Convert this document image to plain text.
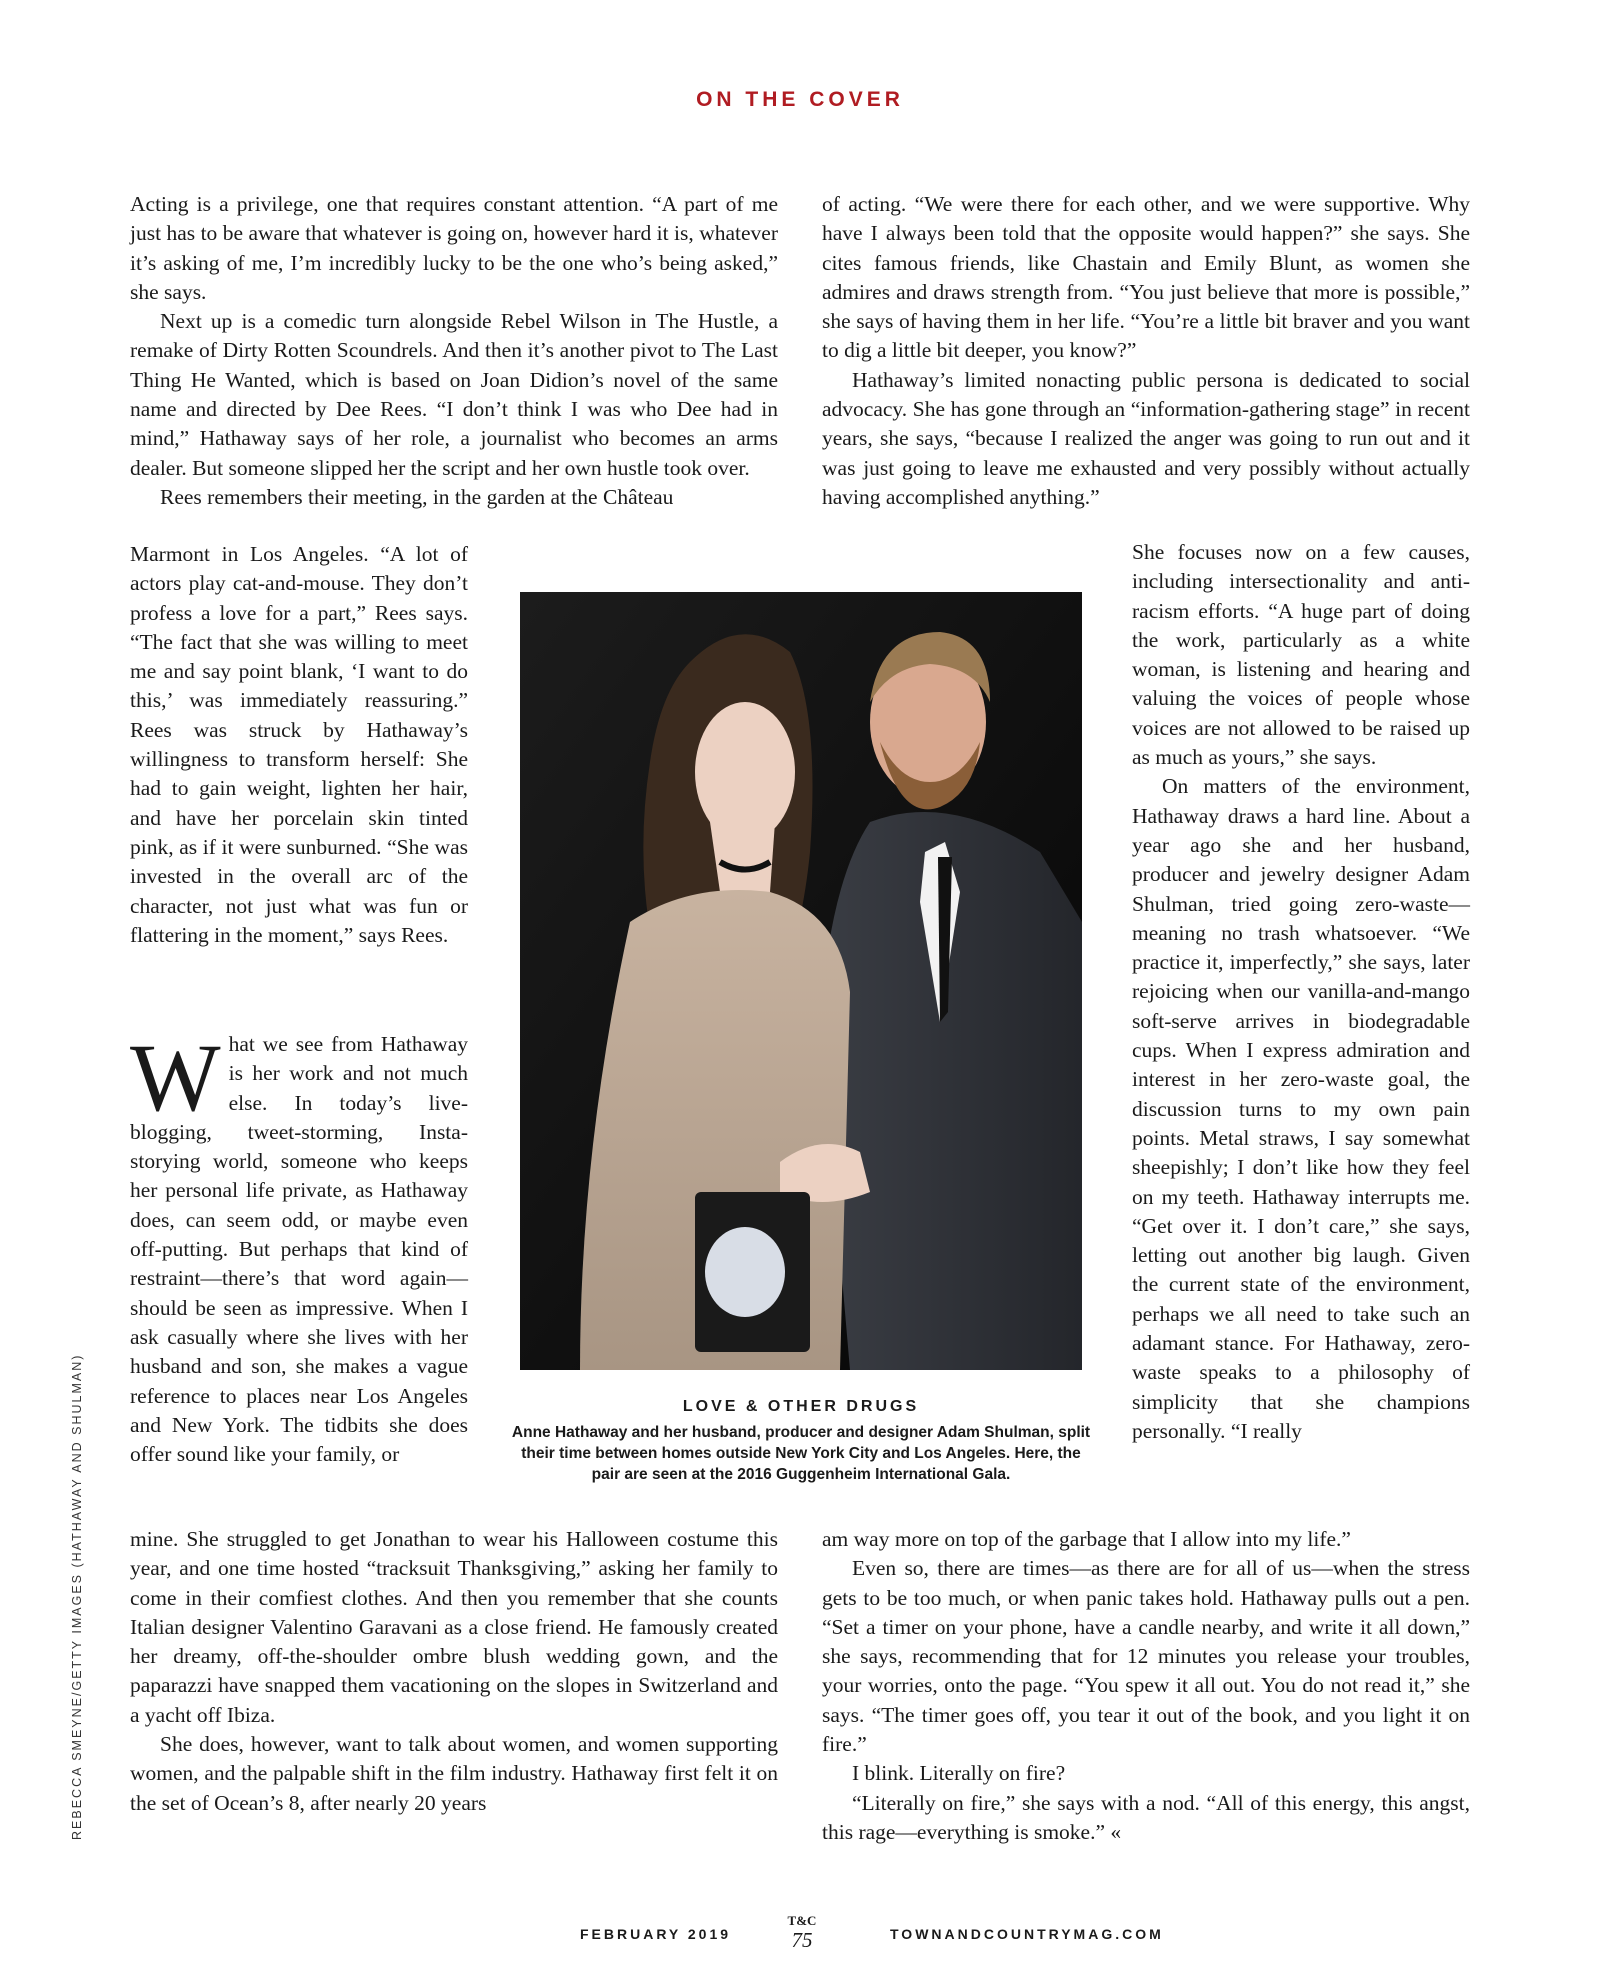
ON THE COVER

Acting is a privilege, one that requires constant attention. “A part of me just has to be aware that whatever is going on, however hard it is, whatever it’s asking of me, I’m incredibly lucky to be the one who’s being asked,” she says.

Next up is a comedic turn alongside Rebel Wilson in The Hustle, a remake of Dirty Rotten Scoundrels. And then it’s another pivot to The Last Thing He Wanted, which is based on Joan Didion’s novel of the same name and directed by Dee Rees. “I don’t think I was who Dee had in mind,” Hathaway says of her role, a journalist who becomes an arms dealer. But someone slipped her the script and her own hustle took over.

Rees remembers their meeting, in the garden at the Château

Marmont in Los Angeles. “A lot of actors play cat-and-mouse. They don’t profess a love for a part,” Rees says. “The fact that she was willing to meet me and say point blank, ‘I want to do this,’ was immediately reassuring.” Rees was struck by Hathaway’s willingness to transform herself: She had to gain weight, lighten her hair, and have her porcelain skin tinted pink, as if it were sunburned. “She was invested in the overall arc of the character, not just what was fun or flattering in the moment,” says Rees.

W hat we see from Hathaway is her work and not much else. In today’s live-blogging, tweet-storming, Insta-storying world, someone who keeps her personal life private, as Hathaway does, can seem odd, or maybe even off-putting. But perhaps that kind of restraint—there’s that word again—should be seen as impressive. When I ask casually where she lives with her husband and son, she makes a vague reference to places near Los Angeles and New York. The tidbits she does offer sound like your family, or

mine. She struggled to get Jonathan to wear his Halloween costume this year, and one time hosted “tracksuit Thanksgiving,” asking her family to come in their comfiest clothes. And then you remember that she counts Italian designer Valentino Garavani as a close friend. He famously created her dreamy, off-the-shoulder ombre blush wedding gown, and the paparazzi have snapped them vacationing on the slopes in Switzerland and a yacht off Ibiza.

She does, however, want to talk about women, and women supporting women, and the palpable shift in the film industry. Hathaway first felt it on the set of Ocean’s 8, after nearly 20 years

of acting. “We were there for each other, and we were supportive. Why have I always been told that the opposite would happen?” she says. She cites famous friends, like Chastain and Emily Blunt, as women she admires and draws strength from. “You just believe that more is possible,” she says of having them in her life. “You’re a little bit braver and you want to dig a little bit deeper, you know?”

Hathaway’s limited nonacting public persona is dedicated to social advocacy. She has gone through an “information-gathering stage” in recent years, she says, “because I realized the anger was going to run out and it was just going to leave me exhausted and very possibly without actually having accomplished anything.”

She focuses now on a few causes, including intersectionality and anti-racism efforts. “A huge part of doing the work, particularly as a white woman, is listening and hearing and valuing the voices of people whose voices are not allowed to be raised up as much as yours,” she says.

On matters of the environment, Hathaway draws a hard line. About a year ago she and her husband, producer and jewelry designer Adam Shulman, tried going zero-waste—meaning no trash whatsoever. “We practice it, imperfectly,” she says, later rejoicing when our vanilla-and-mango soft-serve arrives in biodegradable cups. When I express admiration and interest in her zero-waste goal, the discussion turns to my own pain points. Metal straws, I say somewhat sheepishly; I don’t like how they feel on my teeth. Hathaway interrupts me. “Get over it. I don’t care,” she says, letting out another big laugh. Given the current state of the environment, perhaps we all need to take such an adamant stance. For Hathaway, zero-waste speaks to a philosophy of simplicity that she champions personally. “I really

am way more on top of the garbage that I allow into my life.”

Even so, there are times—as there are for all of us—when the stress gets to be too much, or when panic takes hold. Hathaway pulls out a pen. “Set a timer on your phone, have a candle nearby, and write it all down,” she says, recommending that for 12 minutes you release your troubles, your worries, onto the page. “You spew it all out. You do not read it,” she says. “The timer goes off, you tear it out of the book, and you light it on fire.”

I blink. Literally on fire?

“Literally on fire,” she says with a nod. “All of this energy, this angst, this rage—everything is smoke.” «

LOVE & OTHER DRUGS
Anne Hathaway and her husband, producer and designer Adam Shulman, split their time between homes outside New York City and Los Angeles. Here, the pair are seen at the 2016 Guggenheim International Gala.
REBECCA SMEYNE/GETTY IMAGES (HATHAWAY AND SHULMAN)
FEBRUARY 2019
T&C
75	TOWNANDCOUNTRYMAG.COM
